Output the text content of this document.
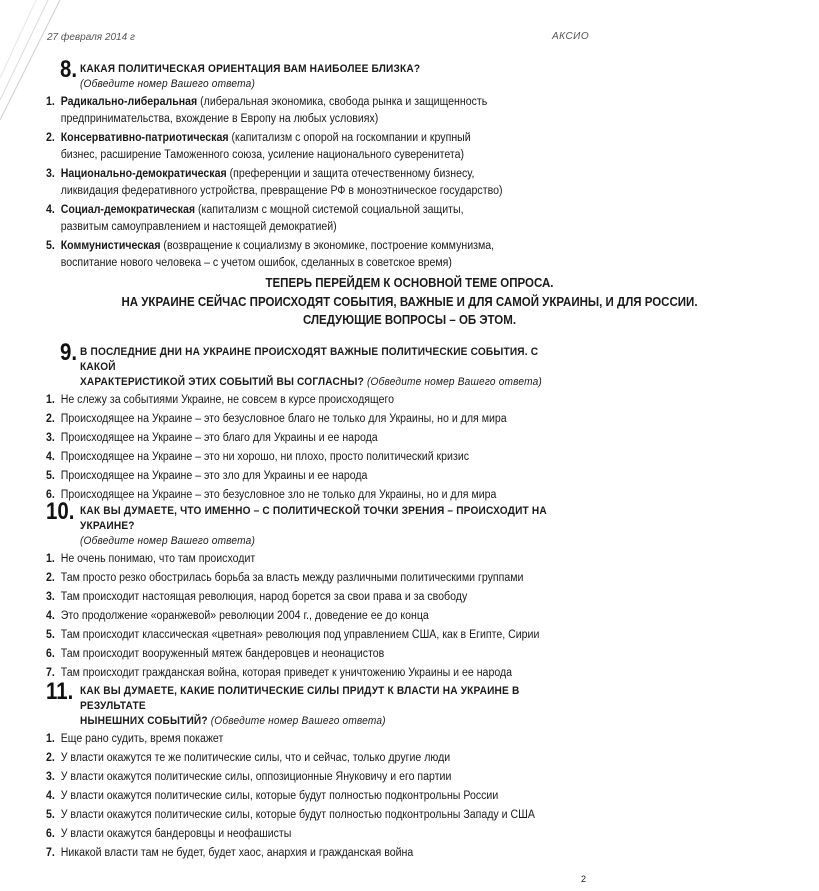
27 февраля 2014 г	АКСИО
8. КАКАЯ ПОЛИТИЧЕСКАЯ ОРИЕНТАЦИЯ ВАМ НАИБОЛЕЕ БЛИЗКА?
(Обведите номер Вашего ответа)
1. Радикально-либеральная (либеральная экономика, свобода рынка и защищенность
предпринимательства, вхождение в Европу на любых условиях)
2. Консервативно-патриотическая (капитализм с опорой на госкомпании и крупный
бизнес, расширение Таможенного союза, усиление национального суверенитета)
3. Национально-демократическая (преференции и защита отечественному бизнесу,
ликвидация федеративного устройства, превращение РФ в моноэтническое государство)
4. Социал-демократическая (капитализм с мощной системой социальной защиты,
развитым самоуправлением и настоящей демократией)
5. Коммунистическая (возвращение к социализму в экономике, построение коммунизма,
воспитание нового человека – с учетом ошибок, сделанных в советское время)
ТЕПЕРЬ ПЕРЕЙДЕМ К ОСНОВНОЙ ТЕМЕ ОПРОСА.
НА УКРАИНЕ СЕЙЧАС ПРОИСХОДЯТ СОБЫТИЯ, ВАЖНЫЕ И ДЛЯ САМОЙ УКРАИНЫ, И ДЛЯ РОССИИ.
СЛЕДУЮЩИЕ ВОПРОСЫ – ОБ ЭТОМ.
9. В ПОСЛЕДНИЕ ДНИ НА УКРАИНЕ ПРОИСХОДЯТ ВАЖНЫЕ ПОЛИТИЧЕСКИЕ СОБЫТИЯ. С КАКОЙ
ХАРАКТЕРИСТИКОЙ ЭТИХ СОБЫТИЙ ВЫ СОГЛАСНЫ? (Обведите номер Вашего ответа)
1. Не слежу за событиями Украине, не совсем в курсе происходящего
2. Происходящее на Украине – это безусловное благо не только для Украины, но и для мира
3. Происходящее на Украине – это благо для Украины и ее народа
4. Происходящее на Украине – это ни хорошо, ни плохо, просто политический кризис
5. Происходящее на Украине – это зло для Украины и ее народа
6. Происходящее на Украине – это безусловное зло не только для Украины, но и для мира
10. КАК ВЫ ДУМАЕТЕ, ЧТО ИМЕННО – С ПОЛИТИЧЕСКОЙ ТОЧКИ ЗРЕНИЯ – ПРОИСХОДИТ НА УКРАИНЕ?
(Обведите номер Вашего ответа)
1. Не очень понимаю, что там происходит
2. Там просто резко обострилась борьба за власть между различными политическими группами
3. Там происходит настоящая революция, народ борется за свои права и за свободу
4. Это продолжение «оранжевой» революции 2004 г., доведение ее до конца
5. Там происходит классическая «цветная» революция под управлением США, как в Египте, Сирии
6. Там происходит вооруженный мятеж бандеровцев и неонацистов
7. Там происходит гражданская война, которая приведет к уничтожению Украины и ее народа
11. КАК ВЫ ДУМАЕТЕ, КАКИЕ ПОЛИТИЧЕСКИЕ СИЛЫ ПРИДУТ К ВЛАСТИ НА УКРАИНЕ В РЕЗУЛЬТАТЕ
НЫНЕШНИХ СОБЫТИЙ? (Обведите номер Вашего ответа)
1. Еще рано судить, время покажет
2. У власти окажутся те же политические силы, что и сейчас, только другие люди
3. У власти окажутся политические силы, оппозиционные Януковичу и его партии
4. У власти окажутся политические силы, которые будут полностью подконтрольны России
5. У власти окажутся политические силы, которые будут полностью подконтрольны Западу и США
6. У власти окажутся бандеровцы и неофашисты
7. Никакой власти там не будет, будет хаос, анархия и гражданская война
2
